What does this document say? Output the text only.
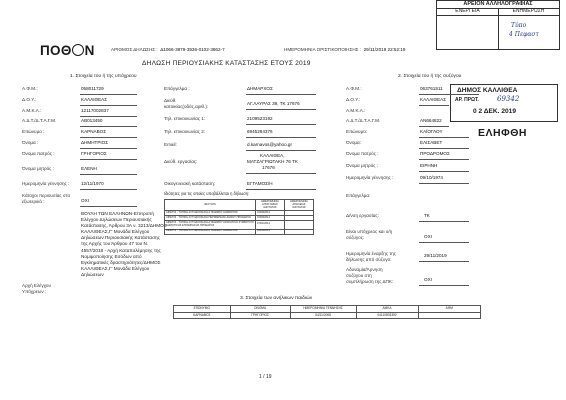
ΠΟΘ Ν	ΑΡΙΘΜΟΣ ΔΗΛΩΣΗΣ : Δ1066-3879-3936-0102-3862-7	ΗΜΕΡΟΜΗΝΙΑ ΟΡΙΣΤΙΚΟΠΟΙΗΣΗΣ : 29/11/2019 22:52:19
ΔΗΛΩΣΗ ΠΕΡΙΟΥΣΙΑΚΗΣ ΚΑΤΑΣΤΑΣΗΣ ΕΤΟΥΣ 2019
ΑΡΕΙΟΝ ΑΛΛΗΛΟΓΡΑΦΙΑΣ
ΕΝΕΡΓΕΙΑ	ΕΝΗΜΕΡΩΣΗ
Τύπο
4 Πεφαστ
ΔΗΜΟΣ ΚΑΛΛΙΘΕΑ
ΑΡ. ΠΡΩΤ.	69342
0 2 ΔΕΚ. 2019
ΕΛΗΦΘΗ
1. Στοιχεία του ή της υπόχρεου	2. Στοιχεία του ή της συζύγου
Α.Φ.Μ.:	058011729
Δ.Ο.Υ.:	ΚΑΛΛΙΘΕΑΣ
Α.Μ.Κ.Α.:	12117002837
Α.Δ.Τ./Δ.Τ.Α.Γ.Μ.	ΑΒ013450
Επώνυμο :	ΚΑΡΝΑΒΟΣ
Όνομα :	ΔΗΜΗΤΡΙΟΣ
Όνομα πατρός :	ΓΡΗΓΟΡΙΟΣ
Όνομα μητρός :	ΕΛΕΝΗ
Ημερομηνία γέννησης :	12/11/1970
Κάτοχοι περιουσίας στο
εξωτερικό :	ΟΧΙ
Αρχή Ελέγχου
Υπόχρεων :
ΒΟΥΛΗ ΤΩΝ ΕΛΛΗΝΩΝ-Επιτροπή Ελέγχου Δηλώσεων Περιουσιακής Κατάστασης, Άρθρου 3Α ν. 3213/ΔΗΜΟΣ ΚΑΛΛΙΘΕΑΣ,Γ' Μονάδα Ελέγχου Δηλώσεων Περιουσιακής Κατάστασης της Αρχής του Άρθρου 47 του Ν. 4557/2018 - Αρχή Καταπολέμησης της Νομιμοποίησης Εσόδων από Εγκληματικές δραστηριότητες/ΔΗΜΟΣ ΚΑΛΛΙΘΕΑΣ,Γ' Μονάδα Ελέγχου Δηλώσεων
Επάγγελμα :	ΔΗΜΑΡΧΟΣ
Διεύθ.
κατοικίας(οδός,αριθ.):
ΑΓ.ΛΑΥΡΑΣ 39, ΤΚ 17676
Τηλ. επικοινωνίας 1:	2109523192
Τηλ. επικοινωνίας 2:	6945284376
Email:	d.karnavos@yahoo.gr
Διεύθ. εργασίας:
ΚΑΛΛΙΘΕΑ,
ΜΑΤΖΑΓΡΙΩΤΑΚΗ 76 ΤΚ
17676
Οικογενειακή κατάσταση:	ΕΓΓΑΜΟΣ/Η
Ιδιότητες για τις οποίες υποβάλλεται η δήλωση:
ΙΔΙΟΤΗΤΑ	ΗΜΕΡΟΜΗΝΙΑ ΑΠΟΚΤΗΣΗΣ ΙΔΙΟΤΗΤΑΣ	ΗΜΕΡΟΜΗΝΙΑ ΑΠΩΛΕΙΑΣ ΙΔΙΟΤΗΤΑΣ
ΑΙΡΕΤΟΙ - ΤΟΠΙΚΗ ΑΥΤΟΔΙΟΙΚΗΣΗ Α' ΒΑΘΜΟΥ ΔΗΜΑΡΧΟΣ	01/09/2014	
ΑΙΡΕΤΟΙ - ΤΟΠΙΚΗ ΑΥΤΟΔΙΟΙΚΗΣΗ ΠΕΡΙΦΕΡΕΙΑΣ ΔΗΜΟΥ ΠΡΟΕΔΡΟΣ	01/09/2014	
ΑΙΡΕΤΟΙ - ΤΟΠΙΚΗ ΑΥΤΟΔΙΟΙΚΗΣΗ Α' ΒΑΘΜΟΥ ΔΙΟΙΚΗΤΙΚΟ ΣΥΜΒΟΥΛΙΟ ΔΗΜΟΤΙΚΗΣ ΕΠΙΧΕΙΡΗΣΗΣ ΠΡΟΕΔΡΟΣ	27/01/2014	
ΑΙΡΕΤΟΙ - ΤΟΠΙΚΗ ΑΥΤΟΔΙΟΙΚΗΣΗ Α' ΒΑΘΜΟΥ ΔΗΜΑΡΧΟΣ	01/09/2019	
Α.Φ.Μ.:	063761511
Δ.Ο.Υ.:	ΚΑΛΛΙΘΕΑΣ
Α.Μ.Κ.Α.:
Α.Δ.Τ./Δ.Τ.Α.Γ.Μ.	ΑΝ664822
Επώνυμο:	ΚΑΪΟΓΛΟΥ
Όνομα:	ΕΛΙΣΑΒΕΤ
Όνομα πατρός :	ΠΡΟΔΡΟΜΟΣ
Όνομα μητρός :	ΕΙΡΗΝΗ
Ημερομηνία γέννησης :	09/10/1974
Επάγγελμα:
Δ/νση εργασίας:	ΤΚ
Είναι υπόχρεος και ο/η
σύζυγος:	ΟΧΙ
Ημερομηνία έναρξης της
δήλωσης από σύζυγο:
29/11/2019
Αδυναμία/Άρνηση
συζύγου στη
συμπλήρωση της ΔΠΚ:	ΟΧΙ
3. Στοιχεία των ανήλικων παιδιών
ΕΠΩΝΥΜΟ	ΟΝΟΜΑ	ΗΜΕΡΟΜΗΝΙΑ ΓΕΝΝΗΣΗΣ	ΑΜΚΑ	ΑΦΜ
ΚΑΡΝΑΒΟΣ	ΓΡΗΓΟΡΙΟΣ	04/11/2008	04110803352	
1 / 19
